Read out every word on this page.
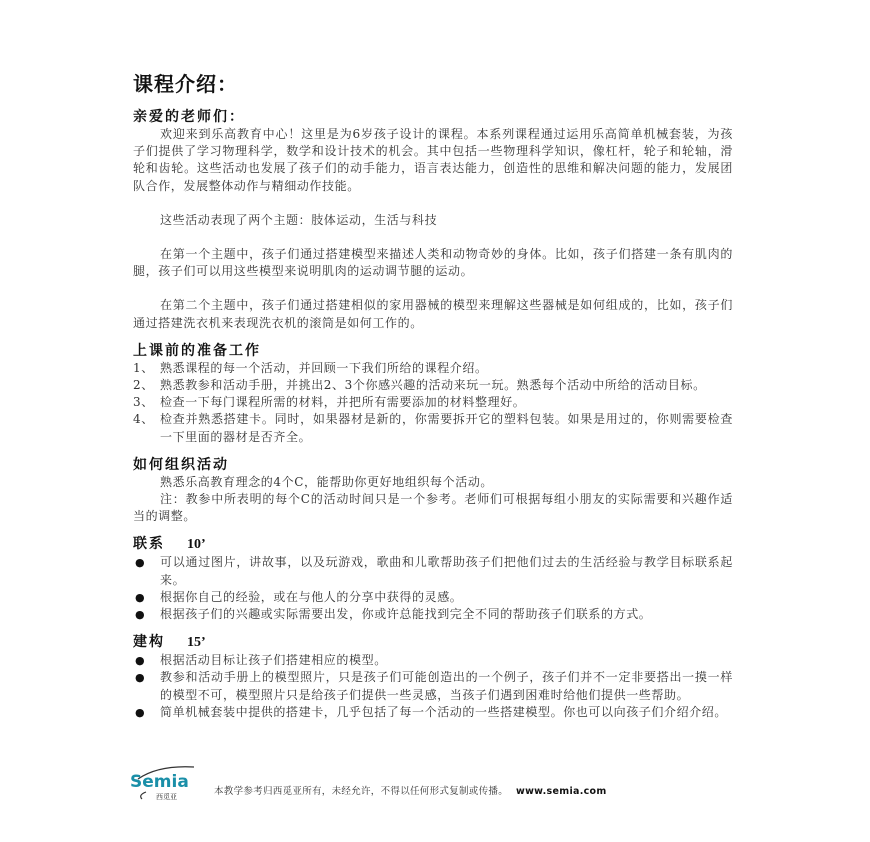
课程介绍：
亲爱的老师们：

欢迎来到乐高教育中心！这里是为6岁孩子设计的课程。本系列课程通过运用乐高简单机械套装，为孩子们提供了学习物理科学，数学和设计技术的机会。其中包括一些物理科学知识，像杠杆，轮子和轮轴，滑轮和齿轮。这些活动也发展了孩子们的动手能力，语言表达能力，创造性的思维和解决问题的能力，发展团队合作，发展整体动作与精细动作技能。

这些活动表现了两个主题：肢体运动，生活与科技

在第一个主题中，孩子们通过搭建模型来描述人类和动物奇妙的身体。比如，孩子们搭建一条有肌肉的腿，孩子们可以用这些模型来说明肌肉的运动调节腿的运动。

在第二个主题中，孩子们通过搭建相似的家用器械的模型来理解这些器械是如何组成的，比如，孩子们通过搭建洗衣机来表现洗衣机的滚筒是如何工作的。

上课前的准备工作
1、 熟悉课程的每一个活动，并回顾一下我们所给的课程介绍。
2、 熟悉教参和活动手册，并挑出2、3个你感兴趣的活动来玩一玩。熟悉每个活动中所给的活动目标。
3、 检查一下每门课程所需的材料，并把所有需要添加的材料整理好。
4、 检查并熟悉搭建卡。同时，如果器材是新的，你需要拆开它的塑料包装。如果是用过的，你则需要检查一下里面的器材是否齐全。
如何组织活动

熟悉乐高教育理念的4个C，能帮助你更好地组织每个活动。

注：教参中所表明的每个C的活动时间只是一个参考。老师们可根据每组小朋友的实际需要和兴趣作适当的调整。

联系 10’
● 可以通过图片，讲故事，以及玩游戏，歌曲和儿歌帮助孩子们把他们过去的生活经验与教学目标联系起来。
● 根据你自己的经验，或在与他人的分享中获得的灵感。
● 根据孩子们的兴趣或实际需要出发，你或许总能找到完全不同的帮助孩子们联系的方式。
建构 15’
● 根据活动目标让孩子们搭建相应的模型。
● 教参和活动手册上的模型照片，只是孩子们可能创造出的一个例子，孩子们并不一定非要搭出一摸一样的模型不可，模型照片只是给孩子们提供一些灵感，当孩子们遇到困难时给他们提供一些帮助。
● 简单机械套装中提供的搭建卡，几乎包括了每一个活动的一些搭建模型。你也可以向孩子们介绍介绍。
Semia
西觅亚	本教学参考归西觅亚所有，未经允许，不得以任何形式复制或传播。 www.semia.com
